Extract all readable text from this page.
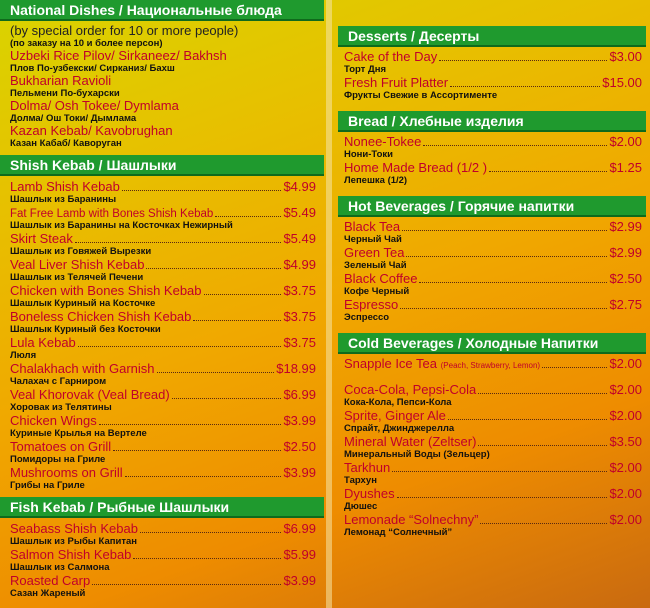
National Dishes / Национальные блюда
(by special order for 10 or more people)
(по заказу на 10 и более персон)
Uzbeki Rice Pilov/ Sirkaneez/ Bakhsh
Плов По-узбекски/ Сирканиз/ Бахш
Bukharian Ravioli
Пельмени По-бухарски
Dolma/ Osh Tokee/ Dymlama
Долма/ Ош Токи/ Дымлама
Kazan Kebab/ Kavobrughan
Казан Кабаб/ Каворуган
Shish Kebab / Шашлыки
Lamb Shish Kebab	$4.99
Шашлык из Баранины
Fat Free Lamb with Bones Shish Kebab	$5.49
Шашлык из Баранины на Косточках Нежирный
Skirt Steak	$5.49
Шашлык из Говяжей Вырезки
Veal Liver Shish Kebab	$4.99
Шашлык из Телячей Печени
Chicken with Bones Shish Kebab	$3.75
Шашлык Куриный на Косточке
Boneless Chicken Shish Kebab	$3.75
Шашлык Куриный без Косточки
Lula Kebab	$3.75
Люля
Chalakhach with Garnish	$18.99
Чалахач с Гарниром
Veal Khorovak (Veal Bread)	$6.99
Хоровак из Телятины
Chicken Wings	$3.99
Куриные Крылья на Вертеле
Tomatoes on Grill	$2.50
Помидоры на Гриле
Mushrooms on Grill	$3.99
Грибы на Гриле
Fish Kebab / Рыбные Шашлыки
Seabass Shish Kebab	$6.99
Шашлык из Рыбы Капитан
Salmon Shish Kebab	$5.99
Шашлык из Салмона
Roasted Carp	$3.99
Сазан Жареный
Desserts / Десерты
Cake of the Day	$3.00
Торт Дня
Fresh Fruit Platter	$15.00
Фрукты Свежие в Ассортименте
Bread / Хлебные изделия
Nonee-Tokee	$2.00
Нони-Токи
Home Made Bread (1/2 )	$1.25
Лепешка (1/2)
Hot Beverages / Горячие напитки
Black Tea	$2.99
Черный Чай
Green Tea	$2.99
Зеленый Чай
Black Coffee	$2.50
Кофе Черный
Espresso	$2.75
Эспрессо
Cold Beverages / Холодные Напитки
Snapple Ice Tea (Peach, Strawberry, Lemon)	$2.00
Coca-Cola, Pepsi-Cola	$2.00
Кока-Кола, Пепси-Кола
Sprite, Ginger Ale	$2.00
Спрайт, Джинджерелла
Mineral Water (Zeltser)	$3.50
Минеральный Воды (Зельцер)
Tarkhun	$2.00
Тархун
Dyushes	$2.00
Дюшес
Lemonade “Solnechny”	$2.00
Лемонад “Солнечный”
